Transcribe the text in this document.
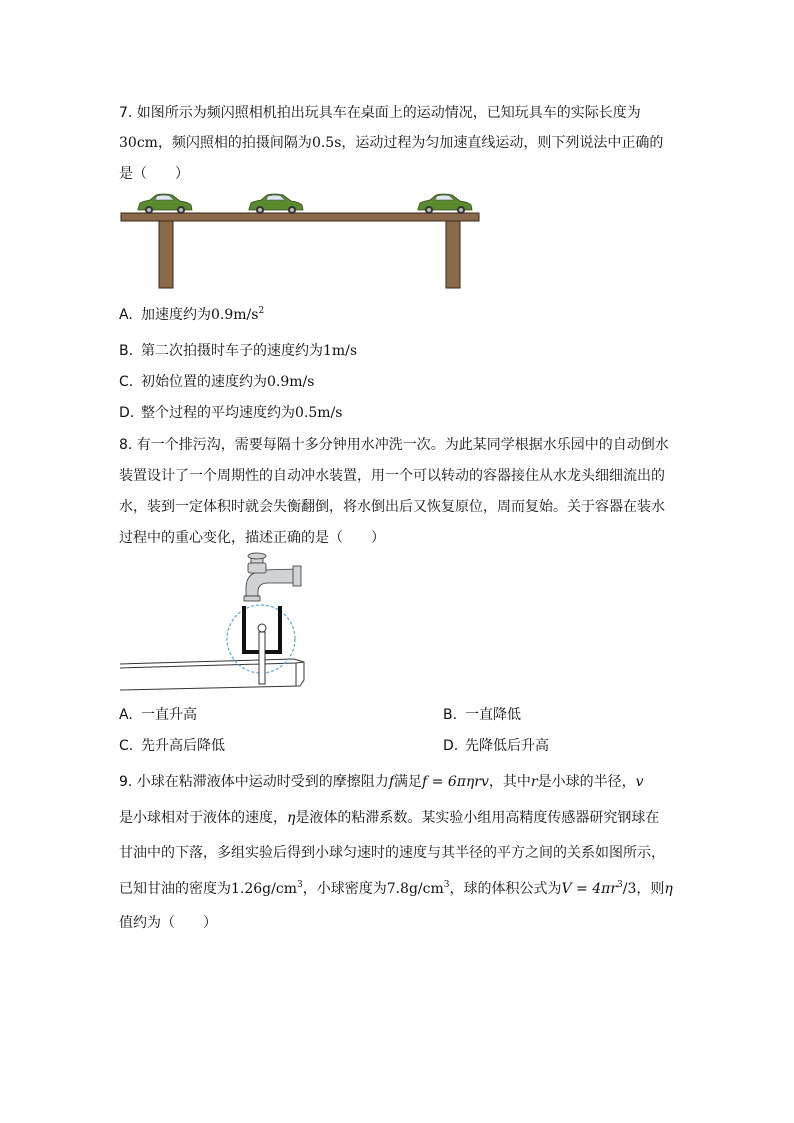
7. 如图所示为频闪照相机拍出玩具车在桌面上的运动情况，已知玩具车的实际长度为
30cm，频闪照相的拍摄间隔为0.5s，运动过程为匀加速直线运动，则下列说法中正确的
是（　　）
A. 加速度约为$0.9m/s^2$
B. 第二次拍摄时车子的速度约为1m/s
C. 初始位置的速度约为0.9m/s
D. 整个过程的平均速度约为0.5m/s
8. 有一个排污沟，需要每隔十多分钟用水冲洗一次。为此某同学根据水乐园中的自动倒水
装置设计了一个周期性的自动冲水装置，用一个可以转动的容器接住从水龙头细细流出的
水，装到一定体积时就会失衡翻倒，将水倒出后又恢复原位，周而复始。关于容器在装水
过程中的重心变化，描述正确的是（　　）
A. 一直升高	B. 一直降低
C. 先升高后降低	D. 先降低后升高
9. 小球在粘滞液体中运动时受到的摩擦阻力f满足f = 6πηrv，其中r是小球的半径，v
是小球相对于液体的速度，η是液体的粘滞系数。某实验小组用高精度传感器研究钢球在
甘油中的下落，多组实验后得到小球匀速时的速度与其半径的平方之间的关系如图所示，
已知甘油的密度为$1.26g/cm^3$，小球密度为$7.8g/cm^3$，球的体积公式为$V = 4\pi r^3/3$，则η
值约为（　　）
